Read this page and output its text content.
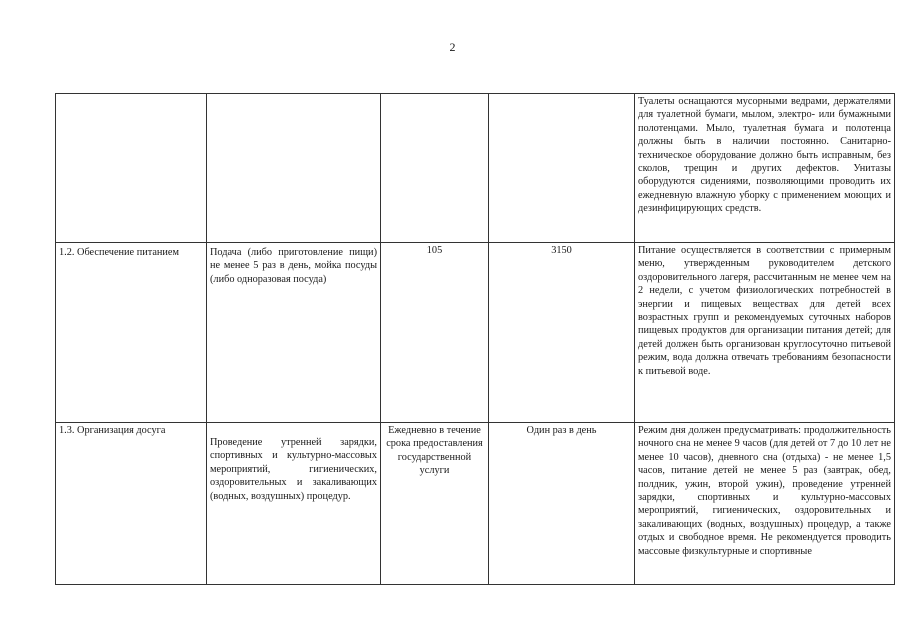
2
				Туалеты оснащаются мусорными ведрами, держателями для туалетной бумаги, мылом, электро- или бумажными полотенцами. Мыло, туалетная бумага и полотенца должны быть в наличии постоянно. Санитарно-техническое оборудование должно быть исправным, без сколов, трещин и других дефектов. Унитазы оборудуются сидениями, позволяющими проводить их ежедневную влажную уборку с применением моющих и дезинфицирующих средств.

1.2. Обеспечение питанием	Подача (либо приготовление пищи) не менее 5 раз в день, мойка посуды (либо одноразовая посуда)	105	3150	Питание осуществляется в соответствии с примерным меню, утвержденным руководителем детского оздоровительного лагеря, рассчитанным не менее чем на 2 недели, с учетом физиологических потребностей в энергии и пищевых веществах для детей всех возрастных групп и рекомендуемых суточных наборов пищевых продуктов для организации питания детей; для детей должен быть организован круглосуточно питьевой режим, вода должна отвечать требованиям безопасности к питьевой воде.
1.3. Организация досуга	Проведение утренней зарядки, спортивных и культурно-массовых мероприятий, гигиенических, оздоровительных и закаливающих (водных, воздушных) процедур.	Ежедневно в течение срока предоставления государственной услуги	Один раз в день	Режим дня должен предусматривать: продолжительность ночного сна не менее 9 часов (для детей от 7 до 10 лет не менее 10 часов), дневного сна (отдыха) - не менее 1,5 часов, питание детей не менее 5 раз (завтрак, обед, полдник, ужин, второй ужин), проведение утренней зарядки, спортивных и культурно-массовых мероприятий, гигиенических, оздоровительных и закаливающих (водных, воздушных) процедур, а также отдых и свободное время. Не рекомендуется проводить массовые физкультурные и спортивные
